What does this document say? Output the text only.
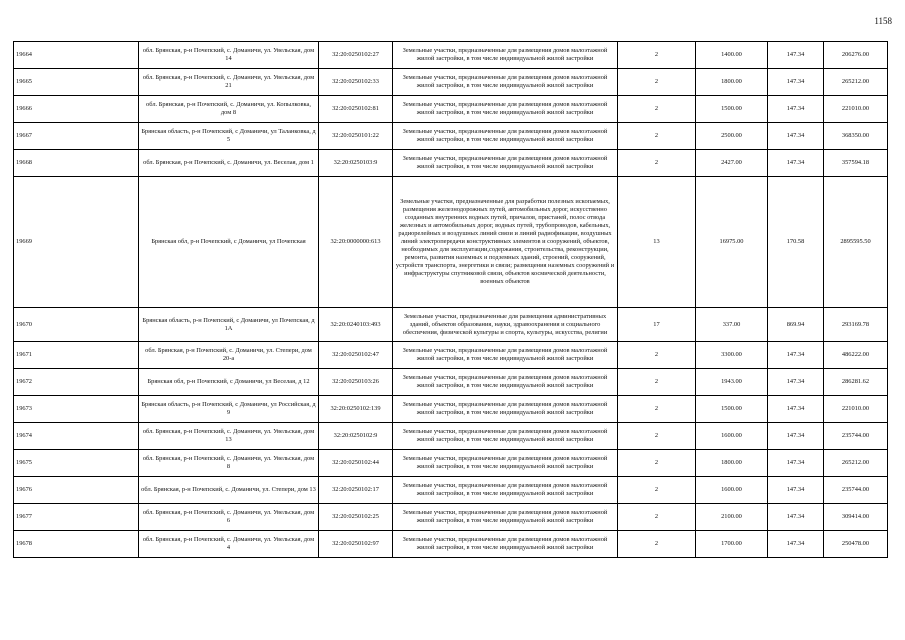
1158
19664	обл. Брянская, р-н Почепский, с. Доманичи, ул. Увельская, дом 14	32:20:0250102:27	Земельные участки, предназначенные для размещения домов малоэтажной жилой застройки, в том числе индивидуальной жилой застройки	2	1400.00	147.34	206276.00
19665	обл. Брянская, р-н Почепский, с. Доманичи, ул. Увельская, дом 21	32:20:0250102:33	Земельные участки, предназначенные для размещения домов малоэтажной жилой застройки, в том числе индивидуальной жилой застройки	2	1800.00	147.34	265212.00
19666	обл. Брянская, р-н Почепский, с. Доманичи, ул. Копылковка, дом 8	32:20:0250102:81	Земельные участки, предназначенные для размещения домов малоэтажной жилой застройки, в том числе индивидуальной жилой застройки	2	1500.00	147.34	221010.00
19667	Брянская область, р-н Почепский, с Доманичи, ул Таланковка, д 5	32:20:0250101:22	Земельные участки, предназначенные для размещения домов малоэтажной жилой застройки, в том числе индивидуальной жилой застройки	2	2500.00	147.34	368350.00
19668	обл. Брянская, р-н Почепский, с. Доманичи, ул. Веселая, дом 1	32:20:0250103:9	Земельные участки, предназначенные для размещения домов малоэтажной жилой застройки, в том числе индивидуальной жилой застройки	2	2427.00	147.34	357594.18
19669	Брянская обл, р-н Почепский, с Доманичи, ул Почепская	32:20:0000000:613	Земельные участки, предназначенные для разработки полезных ископаемых, размещения железнодорожных путей, автомобильных дорог, искусственно созданных внутренних водных путей, причалов, пристаней, полос отвода железных и автомобильных дорог, водных путей, трубопроводов, кабельных, радиорелейных и воздушных линий связи и линий радиофикации, воздушных линий электропередачи конструктивных элементов и сооружений, объектов, необходимых для эксплуатации,содержания, строительства, реконструкции, ремонта, развития наземных и подземных зданий, строений, сооружений, устройств транспорта, энергетики и связи; размещения наземных сооружений и инфраструктуры спутниковой связи, объектов космической деятельности, военных объектов	13	16975.00	170.58	2895595.50
19670	Брянская область, р-н Почепский, с Доманичи, ул Почепская, д 1А	32:20:0240103:493	Земельные участки, предназначенные для размещения административных зданий, объектов образования, науки, здравоохранения и социального обеспечения, физической культуры и спорта, культуры, искусства, религии	17	337.00	869.94	293169.78
19671	обл. Брянская, р-н Почепский, с. Доманичи, ул. Степери, дом 20-а	32:20:0250102:47	Земельные участки, предназначенные для размещения домов малоэтажной жилой застройки, в том числе индивидуальной жилой застройки	2	3300.00	147.34	486222.00
19672	Брянская обл, р-н Почепский, с Доманичи, ул Веселая, д 12	32:20:0250103:26	Земельные участки, предназначенные для размещения домов малоэтажной жилой застройки, в том числе индивидуальной жилой застройки	2	1943.00	147.34	286281.62
19673	Брянская область, р-н Почепский, с Доманичи, ул Российская, д 9	32:20:0250102:139	Земельные участки, предназначенные для размещения домов малоэтажной жилой застройки, в том числе индивидуальной жилой застройки	2	1500.00	147.34	221010.00
19674	обл. Брянская, р-н Почепский, с. Доманичи, ул. Увельская, дом 13	32:20:0250102:9	Земельные участки, предназначенные для размещения домов малоэтажной жилой застройки, в том числе индивидуальной жилой застройки	2	1600.00	147.34	235744.00
19675	обл. Брянская, р-н Почепский, с. Доманичи, ул. Увельская, дом 8	32:20:0250102:44	Земельные участки, предназначенные для размещения домов малоэтажной жилой застройки, в том числе индивидуальной жилой застройки	2	1800.00	147.34	265212.00
19676	обл. Брянская, р-н Почепский, с. Доманичи, ул. Степери, дом 13	32:20:0250102:17	Земельные участки, предназначенные для размещения домов малоэтажной жилой застройки, в том числе индивидуальной жилой застройки	2	1600.00	147.34	235744.00
19677	обл. Брянская, р-н Почепский, с. Доманичи, ул. Увельская, дом 6	32:20:0250102:25	Земельные участки, предназначенные для размещения домов малоэтажной жилой застройки, в том числе индивидуальной жилой застройки	2	2100.00	147.34	309414.00
19678	обл. Брянская, р-н Почепский, с. Доманичи, ул. Увельская, дом 4	32:20:0250102:97	Земельные участки, предназначенные для размещения домов малоэтажной жилой застройки, в том числе индивидуальной жилой застройки	2	1700.00	147.34	250478.00
